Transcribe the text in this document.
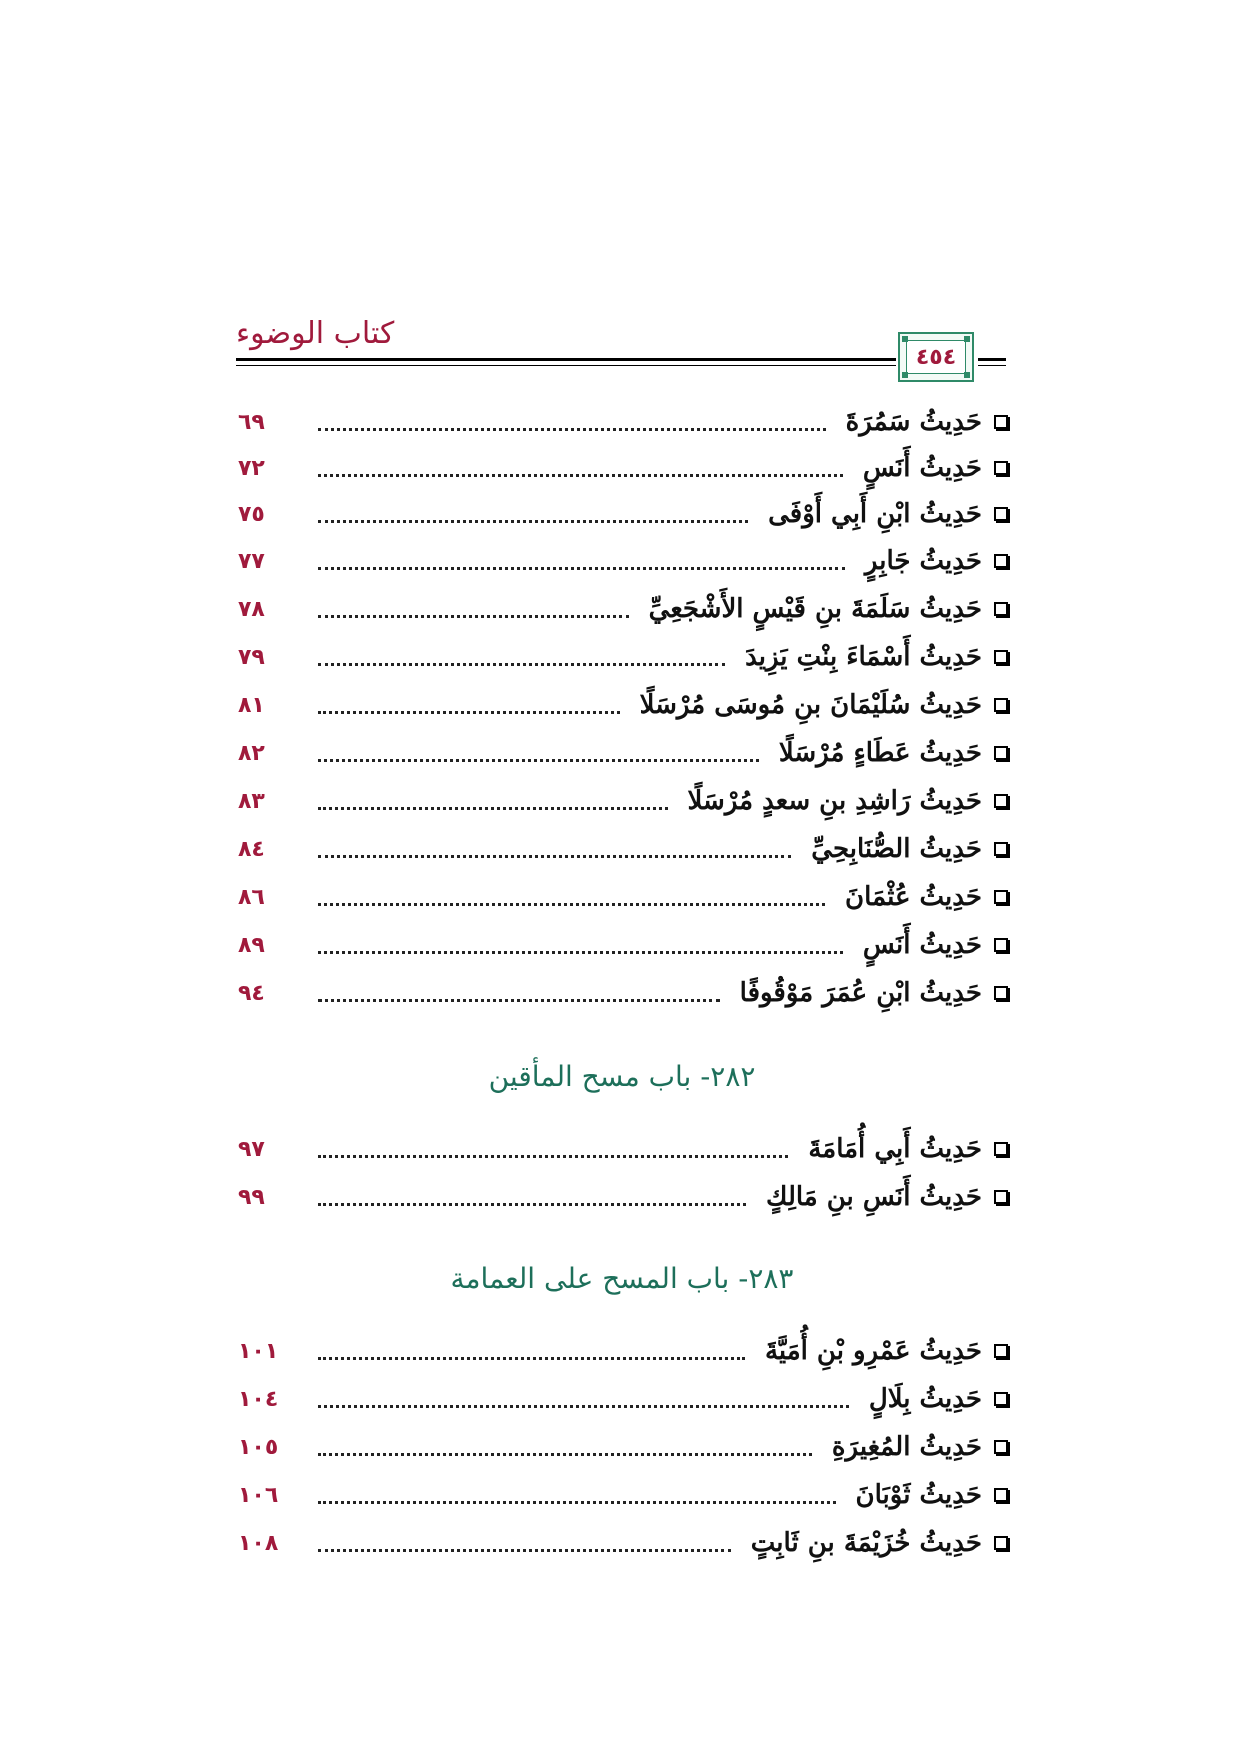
كتاب الوضوء
٤٥٤
حَدِيثُ سَمُرَةَ
٦٩
حَدِيثُ أَنَسٍ
٧٢
حَدِيثُ ابْنِ أَبِي أَوْفَى
٧٥
حَدِيثُ جَابِرٍ
٧٧
حَدِيثُ سَلَمَةَ بنِ قَيْسٍ الأَشْجَعِيِّ
٧٨
حَدِيثُ أَسْمَاءَ بِنْتِ يَزِيدَ
٧٩
حَدِيثُ سُلَيْمَانَ بنِ مُوسَى مُرْسَلًا
٨١
حَدِيثُ عَطَاءٍ مُرْسَلًا
٨٢
حَدِيثُ رَاشِدِ بنِ سعدٍ مُرْسَلًا
٨٣
حَدِيثُ الصُّنَابِحِيِّ
٨٤
حَدِيثُ عُثْمَانَ
٨٦
حَدِيثُ أَنَسٍ
٨٩
حَدِيثُ ابْنِ عُمَرَ مَوْقُوفًا
٩٤
٢٨٢- باب مسح المأقين
حَدِيثُ أَبِي أُمَامَةَ
٩٧
حَدِيثُ أَنَسِ بنِ مَالِكٍ
٩٩
٢٨٣- باب المسح على العمامة
حَدِيثُ عَمْرِو بْنِ أُمَيَّةَ
١٠١
حَدِيثُ بِلَالٍ
١٠٤
حَدِيثُ المُغِيرَةِ
١٠٥
حَدِيثُ ثَوْبَانَ
١٠٦
حَدِيثُ خُزَيْمَةَ بنِ ثَابِتٍ
١٠٨
